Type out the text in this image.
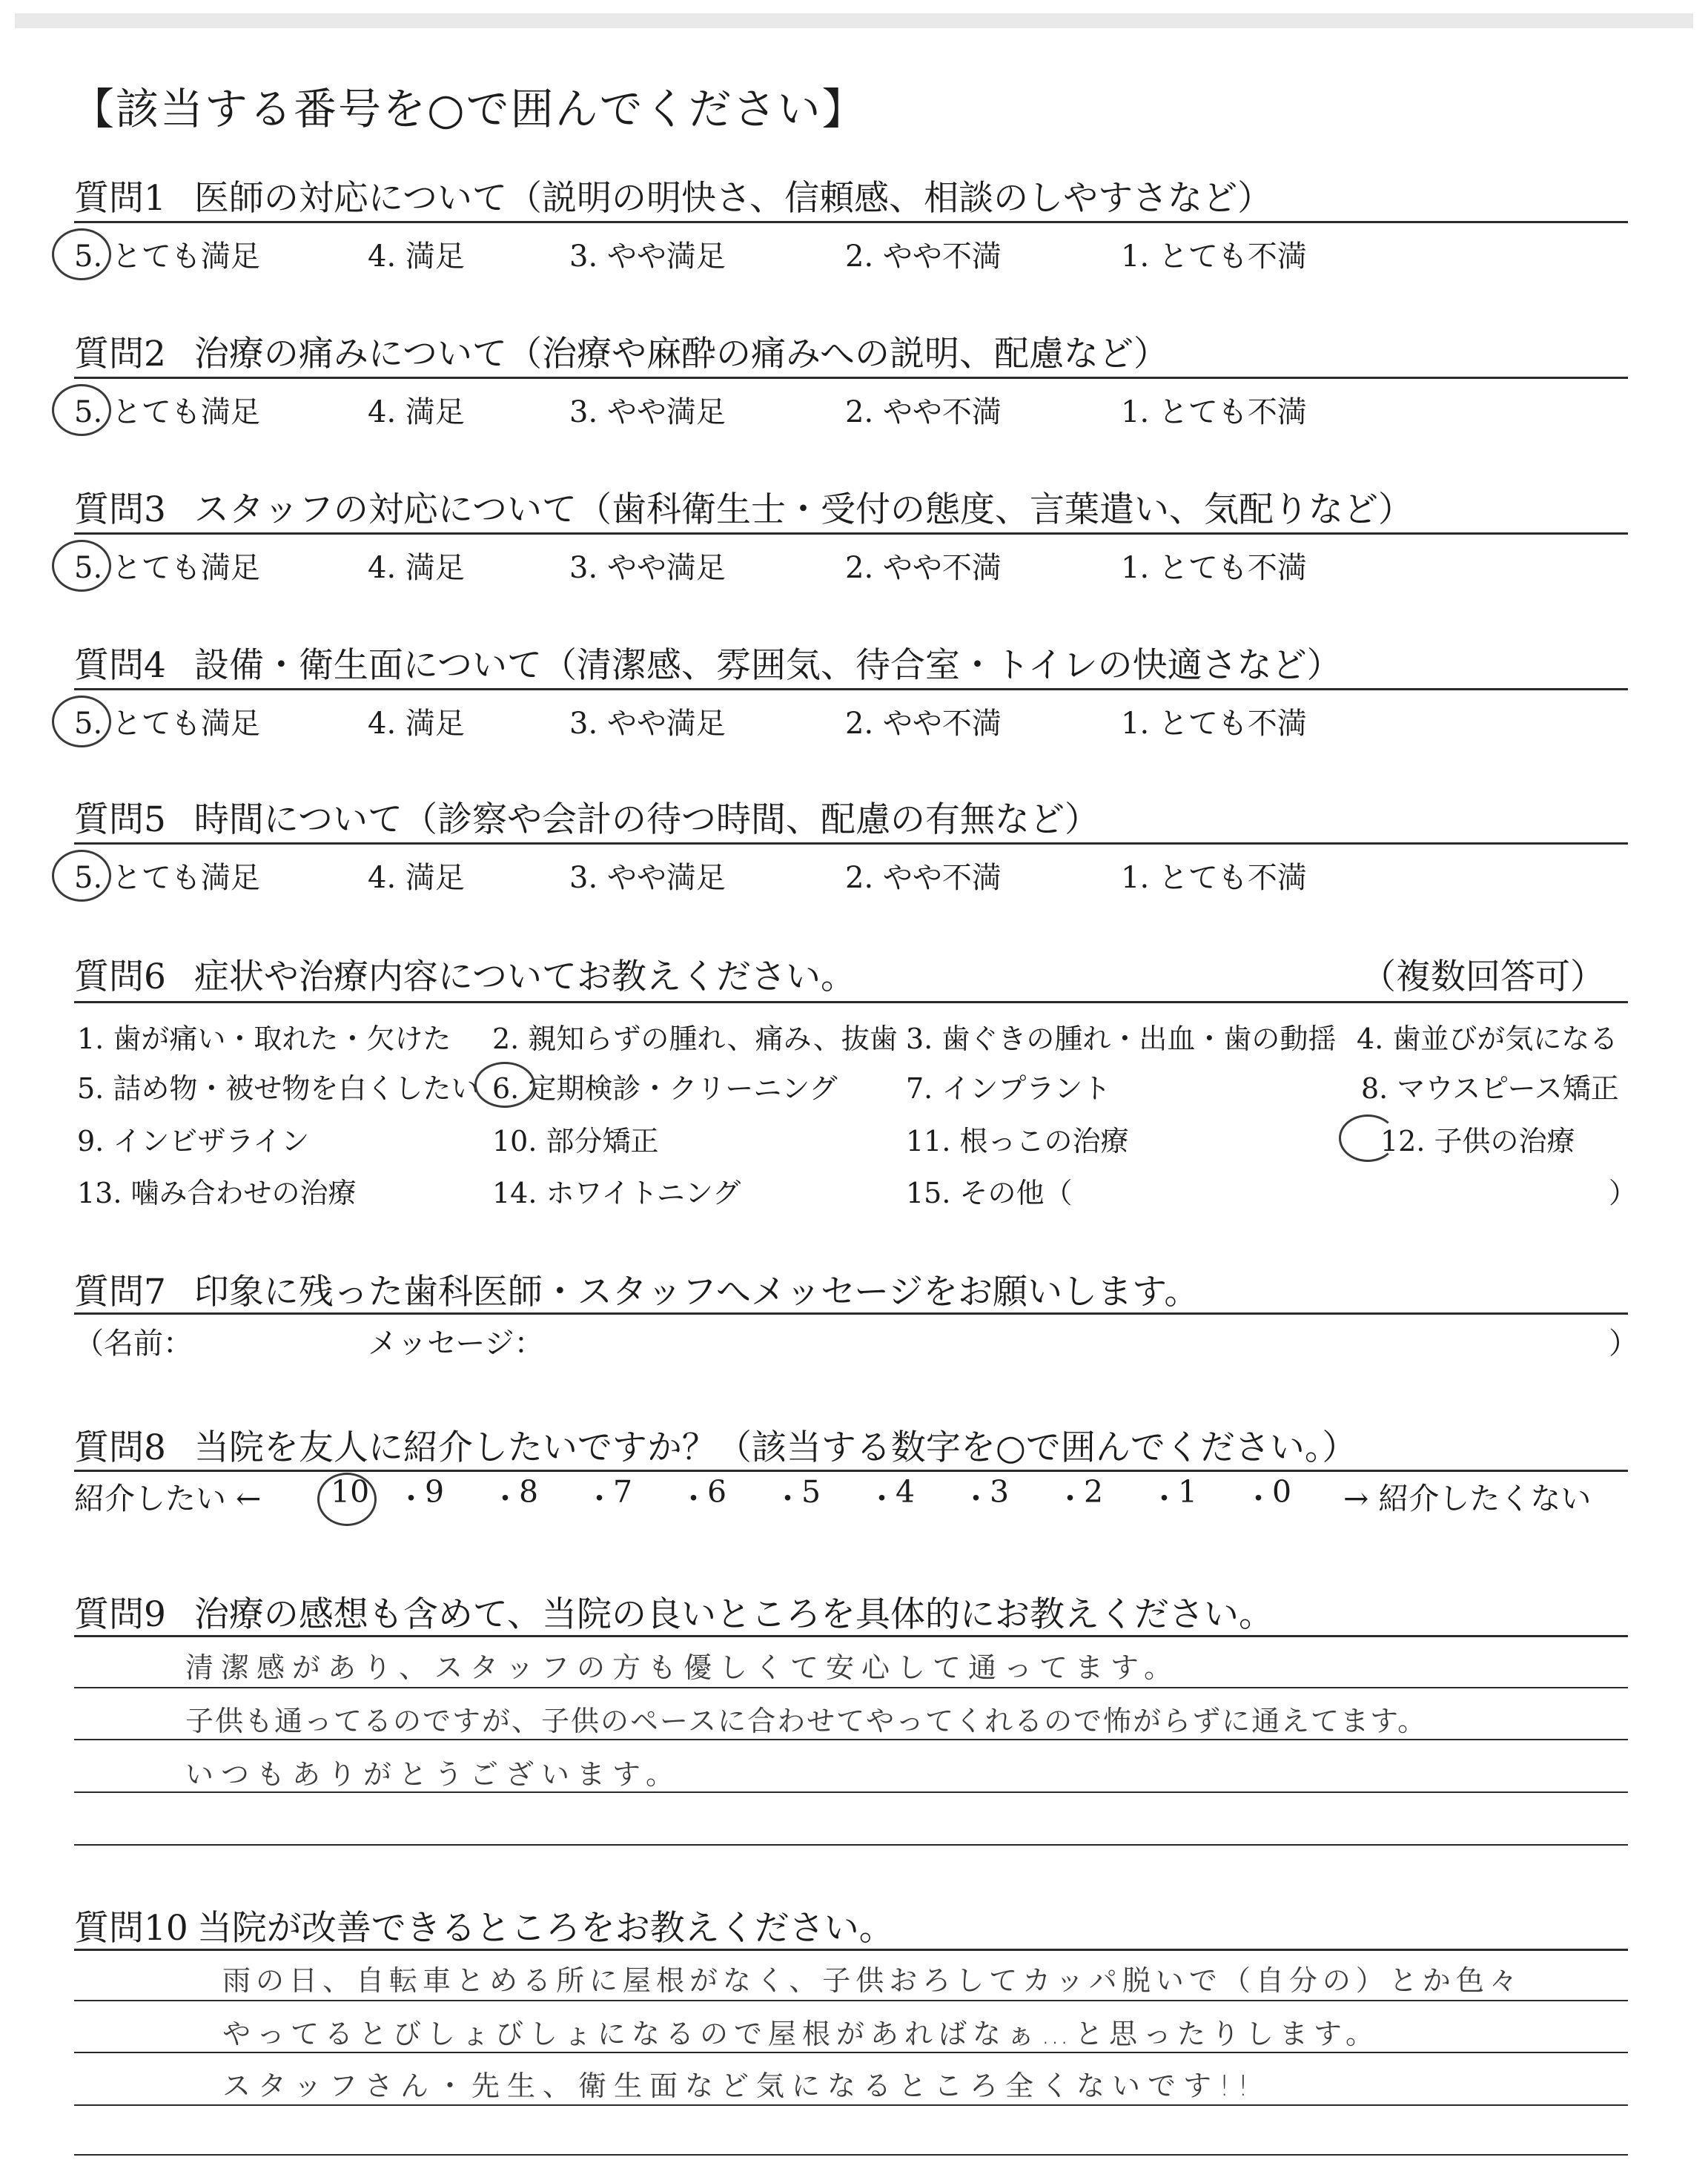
【該当する番号を○で囲んでください】
質問1 医師の対応について（説明の明快さ、信頼感、相談のしやすさなど）
5. とても満足	4. 満足	3. やや満足	2. やや不満	1. とても不満
質問2 治療の痛みについて（治療や麻酔の痛みへの説明、配慮など）
5. とても満足	4. 満足	3. やや満足	2. やや不満	1. とても不満
質問3 スタッフの対応について（歯科衛生士・受付の態度、言葉遣い、気配りなど）
5. とても満足	4. 満足	3. やや満足	2. やや不満	1. とても不満
質問4 設備・衛生面について（清潔感、雰囲気、待合室・トイレの快適さなど）
5. とても満足	4. 満足	3. やや満足	2. やや不満	1. とても不満
質問5 時間について（診察や会計の待つ時間、配慮の有無など）
5. とても満足	4. 満足	3. やや満足	2. やや不満	1. とても不満
質問6 症状や治療内容についてお教えください。	（複数回答可）
1. 歯が痛い・取れた・欠けた 2. 親知らずの腫れ、痛み、抜歯 3. 歯ぐきの腫れ・出血・歯の動揺 4. 歯並びが気になる
5. 詰め物・被せ物を白くしたい 6. 定期検診・クリーニング 7. インプラント	8. マウスピース矯正
9. インビザライン	10. 部分矯正	11. 根っこの治療	12. 子供の治療
13. 噛み合わせの治療	14. ホワイトニング	15. その他（	）
質問7 印象に残った歯科医師・スタッフへメッセージをお願いします。
（名前：	メッセージ：	）
質問8 当院を友人に紹介したいですか？（該当する数字を○で囲んでください。）
紹介したい ← 10 ・
9 ・
8 ・
7 ・
6 ・
5 ・
4 ・
3 ・
2 ・
1 ・
0 → 紹介したくない
質問9 治療の感想も含めて、当院の良いところを具体的にお教えください。
清潔感があり、スタッフの方も優しくて安心して通ってます。
子供も通ってるのですが、子供のペースに合わせてやってくれるので怖がらずに通えてます。
いつもありがとうございます。
質問10 当院が改善できるところをお教えください。
雨の日、自転車とめる所に屋根がなく、子供おろしてカッパ脱いで（自分の）とか色々
やってるとびしょびしょになるので屋根があればなぁ…と思ったりします。
スタッフさん・先生、衛生面など気になるところ全くないです!!
